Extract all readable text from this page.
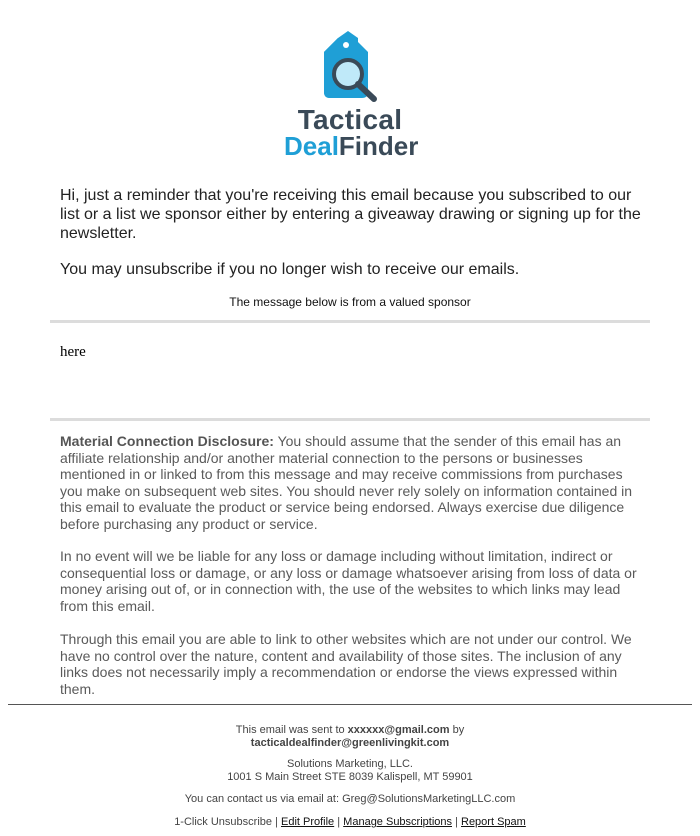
Tactical
DealFinder

Hi, just a reminder that you're receiving this email because you subscribed to our list or a list we sponsor either by entering a giveaway drawing or signing up for the newsletter.

You may unsubscribe if you no longer wish to receive our emails.

The message below is from a valued sponsor

here

Material Connection Disclosure: You should assume that the sender of this email has an affiliate relationship and/or another material connection to the persons or businesses mentioned in or linked to from this message and may receive commissions from purchases you make on subsequent web sites. You should never rely solely on information contained in this email to evaluate the product or service being endorsed. Always exercise due diligence before purchasing any product or service.

In no event will we be liable for any loss or damage including without limitation, indirect or consequential loss or damage, or any loss or damage whatsoever arising from loss of data or money arising out of, or in connection with, the use of the websites to which links may lead from this email.

Through this email you are able to link to other websites which are not under our control. We have no control over the nature, content and availability of those sites. The inclusion of any links does not necessarily imply a recommendation or endorse the views expressed within them.

This email was sent to xxxxxx@gmail.com by
tacticaldealfinder@greenlivingkit.com

Solutions Marketing, LLC.
1001 S Main Street STE 8039 Kalispell, MT 59901

You can contact us via email at: Greg@SolutionsMarketingLLC.com

1-Click Unsubscribe | Edit Profile | Manage Subscriptions | Report Spam
